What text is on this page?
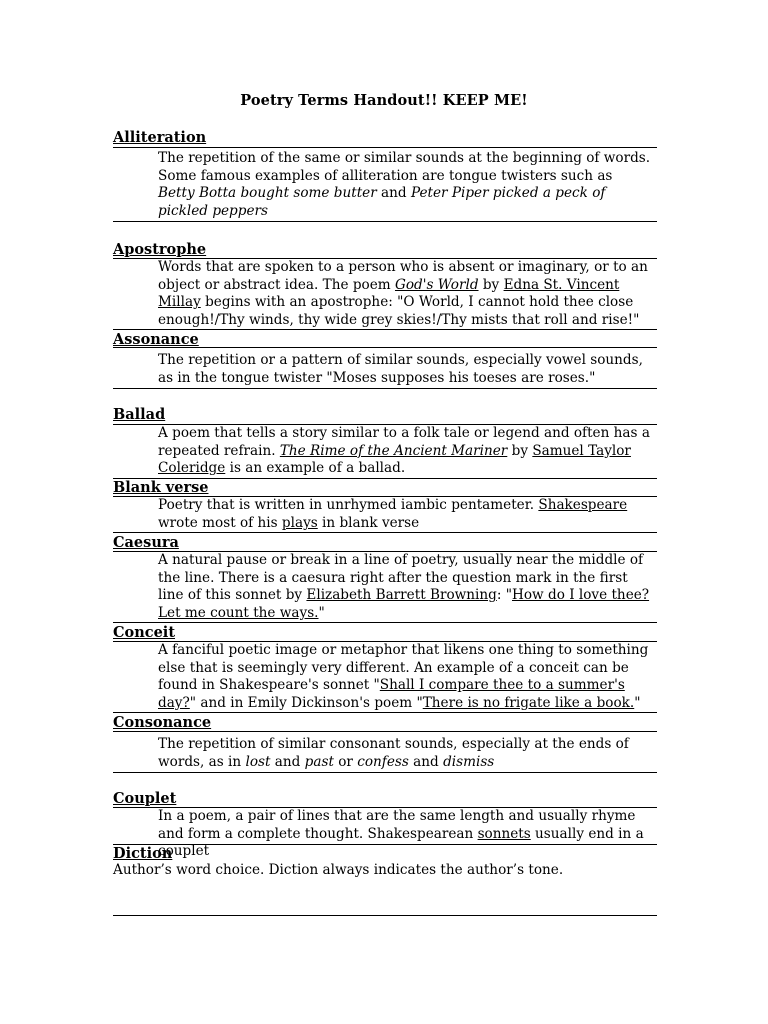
Poetry Terms Handout!! KEEP ME!
Alliteration
The repetition of the same or similar sounds at the beginning of words. Some famous examples of alliteration are tongue twisters such as Betty Botta bought some butter and Peter Piper picked a peck of pickled peppers
Apostrophe
Words that are spoken to a person who is absent or imaginary, or to an object or abstract idea. The poem God's World by Edna St. Vincent Millay begins with an apostrophe: "O World, I cannot hold thee close enough!/Thy winds, thy wide grey skies!/Thy mists that roll and rise!"
Assonance
The repetition or a pattern of similar sounds, especially vowel sounds, as in the tongue twister "Moses supposes his toeses are roses."
Ballad
A poem that tells a story similar to a folk tale or legend and often has a repeated refrain. The Rime of the Ancient Mariner by Samuel Taylor Coleridge is an example of a ballad.
Blank verse
Poetry that is written in unrhymed iambic pentameter. Shakespeare wrote most of his plays in blank verse
Caesura
A natural pause or break in a line of poetry, usually near the middle of the line. There is a caesura right after the question mark in the first line of this sonnet by Elizabeth Barrett Browning: "How do I love thee? Let me count the ways."
Conceit
A fanciful poetic image or metaphor that likens one thing to something else that is seemingly very different. An example of a conceit can be found in Shakespeare's sonnet "Shall I compare thee to a summer's day?" and in Emily Dickinson's poem "There is no frigate like a book."
Consonance
The repetition of similar consonant sounds, especially at the ends of words, as in lost and past or confess and dismiss
Couplet
In a poem, a pair of lines that are the same length and usually rhyme and form a complete thought. Shakespearean sonnets usually end in a couplet
Diction
Author’s word choice. Diction always indicates the author’s tone.
